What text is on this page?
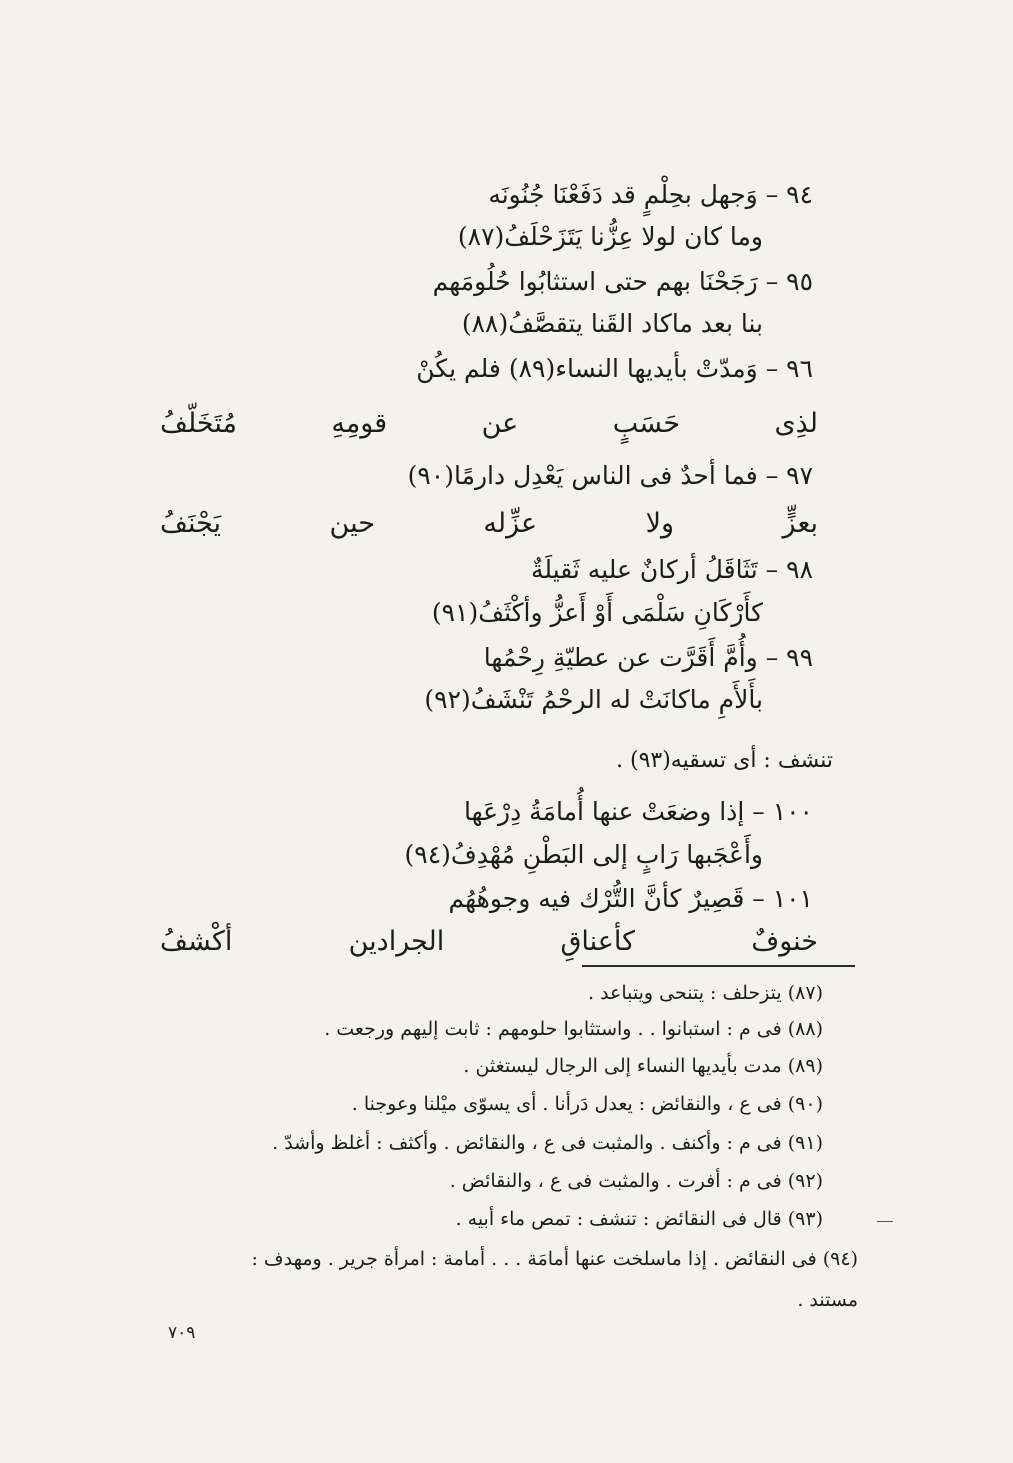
٩٤ – وَجهل بحِلْمٍ قد دَفَعْنَا جُنُونَه
وما كان لولا عِزُّنا يَتَزَحْلَفُ(٨٧)
٩٥ – رَجَحْنَا بهم حتى استثابُوا حُلُومَهم
بنا بعد ماكاد القَنا يتقصَّفُ(٨٨)
٩٦ – وَمدّتْ بأيديها النساء(٨٩) فلم يكُنْ
لذِى حَسَبٍ عن قومِهِ مُتَخَلّفُ
٩٧ – فما أحدٌ فى الناس يَعْدِل دارمًا(٩٠)
بعزٍّ ولا عزِّله حين يَجْنَفُ
٩٨ – تَثَاقَلُ أركانٌ عليه ثَقيلَةٌ
كأَرْكَانِ سَلْمَى أَوْ أَعزُّ وأكْثَفُ(٩١)
٩٩ – وأُمَّ أَقَرَّت عن عطيّةِ رِحْمُها
بأَلأَمِ ماكانَتْ له الرحْمُ تَنْشَفُ(٩٢)
تنشف : أى تسقيه(٩٣) .
١٠٠ – إذا وضعَتْ عنها أُمامَةُ دِرْعَها
وأَعْجَبها رَابٍ إلى البَطْنِ مُهْدِفُ(٩٤)
١٠١ – قَصِيرٌ كأنَّ التُّرْك فيه وجوهُهُم
خنوفٌ كأعناقِ الجرادين أكْشفُ
(٨٧) يتزحلف : يتنحى ويتباعد .
(٨٨) فى م : استبانوا . . واستثابوا حلومهم : ثابت إليهم ورجعت .
(٨٩) مدت بأيديها النساء إلى الرجال ليستغثن .
(٩٠) فى ع ، والنقائض : يعدل دَرأنا . أى يسوّى ميْلنا وعوجنا .
(٩١) فى م : وأكنف . والمثبت فى ع ، والنقائض . وأكثف : أغلظ وأشدّ .
(٩٢) فى م : أفرت . والمثبت فى ع ، والنقائض .
(٩٣) قال فى النقائض : تنشف : تمص ماء أبيه .
(٩٤) فى النقائض . إذا ماسلخت عنها أمامَة . . . أمامة : امرأة جرير . ومهدف :
مستند .
٧٠٩
